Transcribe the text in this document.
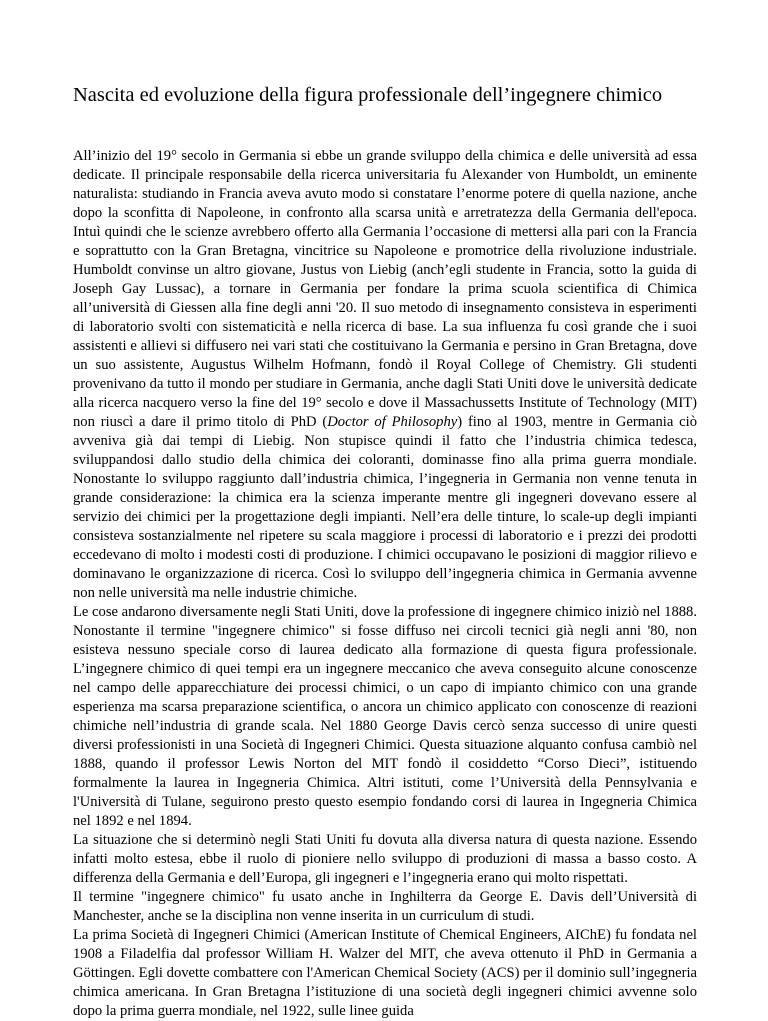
Nascita ed evoluzione della figura professionale dell’ingegnere chimico

All’inizio del 19° secolo in Germania si ebbe un grande sviluppo della chimica e delle università ad essa dedicate. Il principale responsabile della ricerca universitaria fu Alexander von Humboldt, un eminente naturalista: studiando in Francia aveva avuto modo si constatare l’enorme potere di quella nazione, anche dopo la sconfitta di Napoleone, in confronto alla scarsa unità e arretratezza della Germania dell'epoca. Intuì quindi che le scienze avrebbero offerto alla Germania l’occasione di mettersi alla pari con la Francia e soprattutto con la Gran Bretagna, vincitrice su Napoleone e promotrice della rivoluzione industriale. Humboldt convinse un altro giovane, Justus von Liebig (anch’egli studente in Francia, sotto la guida di Joseph Gay Lussac), a tornare in Germania per fondare la prima scuola scientifica di Chimica all’università di Giessen alla fine degli anni '20. Il suo metodo di insegnamento consisteva in esperimenti di laboratorio svolti con sistematicità e nella ricerca di base. La sua influenza fu così grande che i suoi assistenti e allievi si diffusero nei vari stati che costituivano la Germania e persino in Gran Bretagna, dove un suo assistente, Augustus Wilhelm Hofmann, fondò il Royal College of Chemistry. Gli studenti provenivano da tutto il mondo per studiare in Germania, anche dagli Stati Uniti dove le università dedicate alla ricerca nacquero verso la fine del 19° secolo e dove il Massachussetts Institute of Technology (MIT) non riuscì a dare il primo titolo di PhD (Doctor of Philosophy) fino al 1903, mentre in Germania ciò avveniva già dai tempi di Liebig. Non stupisce quindi il fatto che l’industria chimica tedesca, sviluppandosi dallo studio della chimica dei coloranti, dominasse fino alla prima guerra mondiale. Nonostante lo sviluppo raggiunto dall’industria chimica, l’ingegneria in Germania non venne tenuta in grande considerazione: la chimica era la scienza imperante mentre gli ingegneri dovevano essere al servizio dei chimici per la progettazione degli impianti. Nell’era delle tinture, lo scale-up degli impianti consisteva sostanzialmente nel ripetere su scala maggiore i processi di laboratorio e i prezzi dei prodotti eccedevano di molto i modesti costi di produzione. I chimici occupavano le posizioni di maggior rilievo e dominavano le organizzazione di ricerca. Così lo sviluppo dell’ingegneria chimica in Germania avvenne non nelle università ma nelle industrie chimiche.

Le cose andarono diversamente negli Stati Uniti, dove la professione di ingegnere chimico iniziò nel 1888. Nonostante il termine "ingegnere chimico" si fosse diffuso nei circoli tecnici già negli anni '80, non esisteva nessuno speciale corso di laurea dedicato alla formazione di questa figura professionale. L’ingegnere chimico di quei tempi era un ingegnere meccanico che aveva conseguito alcune conoscenze nel campo delle apparecchiature dei processi chimici, o un capo di impianto chimico con una grande esperienza ma scarsa preparazione scientifica, o ancora un chimico applicato con conoscenze di reazioni chimiche nell’industria di grande scala. Nel 1880 George Davis cercò senza successo di unire questi diversi professionisti in una Società di Ingegneri Chimici. Questa situazione alquanto confusa cambiò nel 1888, quando il professor Lewis Norton del MIT fondò il cosiddetto “Corso Dieci”, istituendo formalmente la laurea in Ingegneria Chimica. Altri istituti, come l’Università della Pennsylvania e l'Università di Tulane, seguirono presto questo esempio fondando corsi di laurea in Ingegneria Chimica nel 1892 e nel 1894.

La situazione che si determinò negli Stati Uniti fu dovuta alla diversa natura di questa nazione. Essendo infatti molto estesa, ebbe il ruolo di pioniere nello sviluppo di produzioni di massa a basso costo. A differenza della Germania e dell’Europa, gli ingegneri e l’ingegneria erano qui molto rispettati.

Il termine "ingegnere chimico" fu usato anche in Inghilterra da George E. Davis dell’Università di Manchester, anche se la disciplina non venne inserita in un curriculum di studi.

La prima Società di Ingegneri Chimici (American Institute of Chemical Engineers, AIChE) fu fondata nel 1908 a Filadelfia dal professor William H. Walzer del MIT, che aveva ottenuto il PhD in Germania a Göttingen. Egli dovette combattere con l'American Chemical Society (ACS) per il dominio sull’ingegneria chimica americana. In Gran Bretagna l’istituzione di una società degli ingegneri chimici avvenne solo dopo la prima guerra mondiale, nel 1922, sulle linee guida
